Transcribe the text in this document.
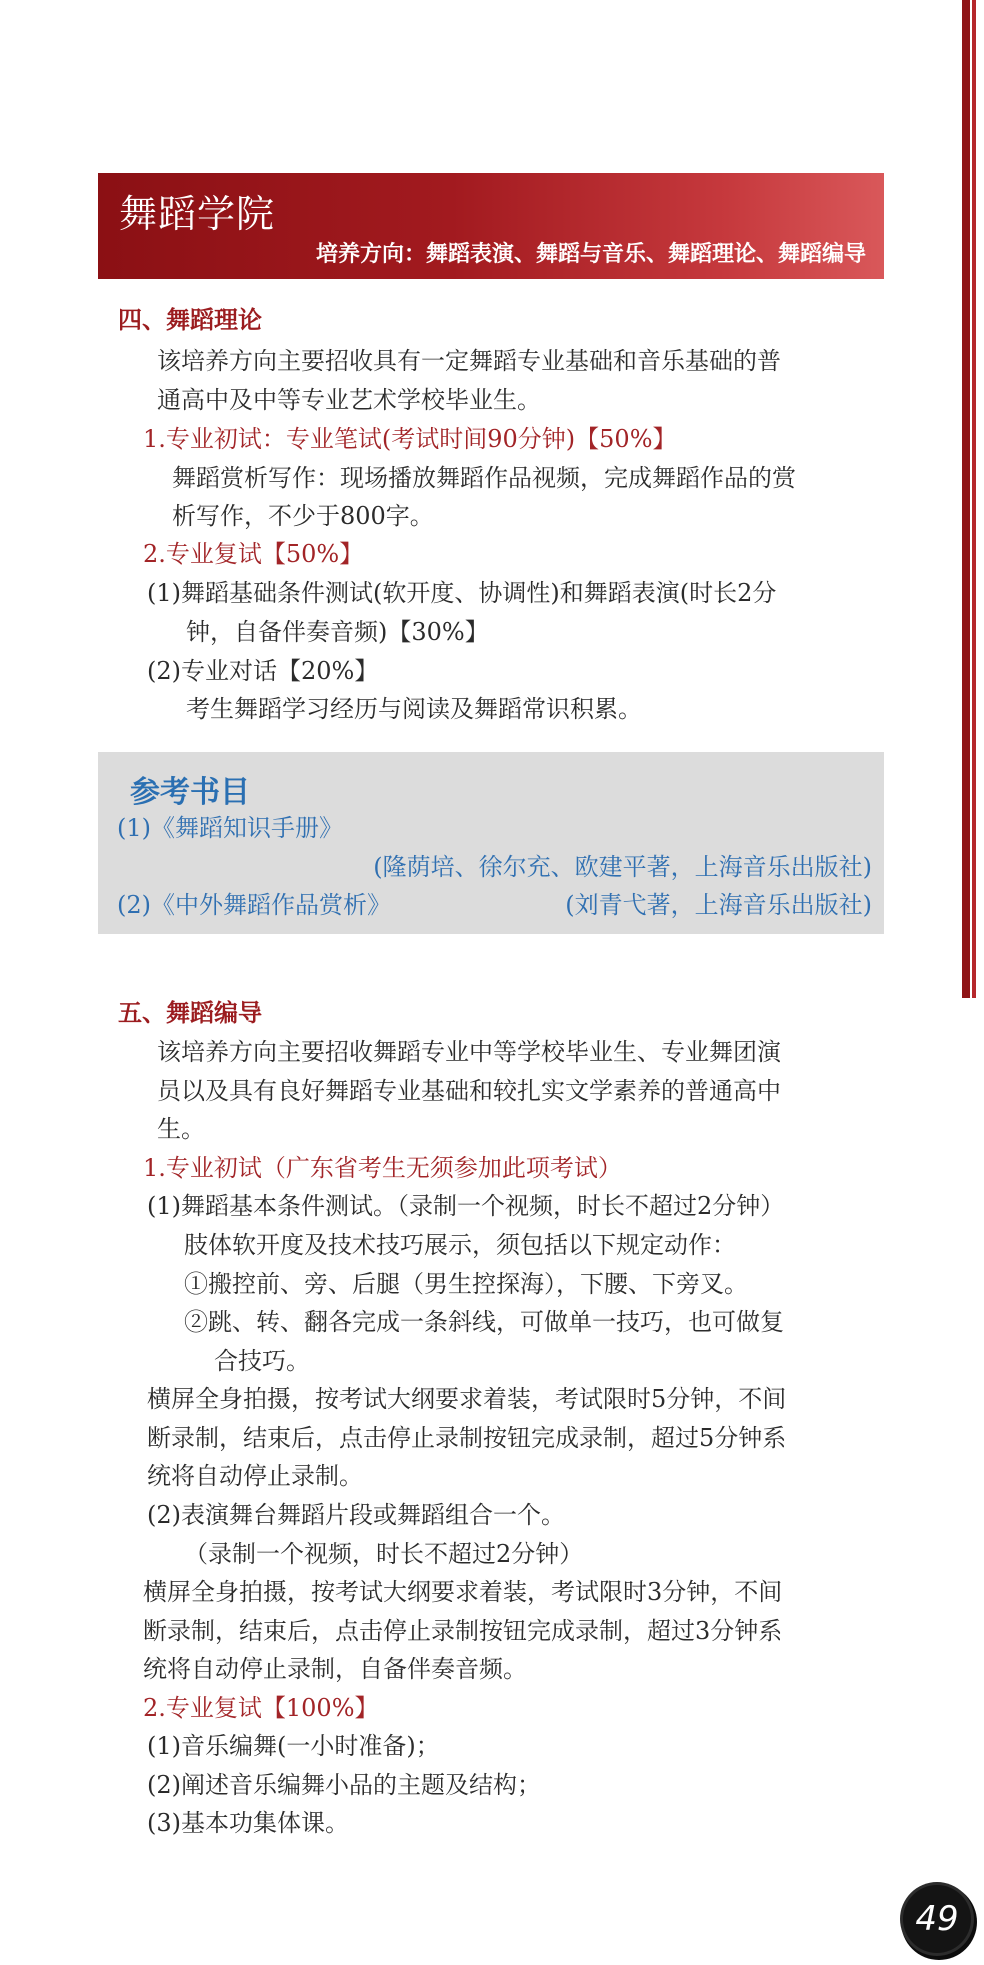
舞蹈学院
培养方向：舞蹈表演、舞蹈与音乐、舞蹈理论、舞蹈编导
四、舞蹈理论
该培养方向主要招收具有一定舞蹈专业基础和音乐基础的普
通高中及中等专业艺术学校毕业生。
1.专业初试：专业笔试(考试时间90分钟)【50%】
舞蹈赏析写作：现场播放舞蹈作品视频，完成舞蹈作品的赏
析写作，不少于800字。
2.专业复试【50%】
(1)舞蹈基础条件测试(软开度、协调性)和舞蹈表演(时长2分
钟，自备伴奏音频)【30%】
(2)专业对话【20%】
考生舞蹈学习经历与阅读及舞蹈常识积累。
参考书目
(1)《舞蹈知识手册》
(隆荫培、徐尔充、欧建平著，上海音乐出版社)
(2)《中外舞蹈作品赏析》	(刘青弋著，上海音乐出版社)
五、舞蹈编导
该培养方向主要招收舞蹈专业中等学校毕业生、专业舞团演
员以及具有良好舞蹈专业基础和较扎实文学素养的普通高中
生。
1.专业初试（广东省考生无须参加此项考试）
(1)舞蹈基本条件测试。（录制一个视频，时长不超过2分钟）
肢体软开度及技术技巧展示，须包括以下规定动作：
①搬控前、旁、后腿（男生控探海），下腰、下旁叉。
②跳、转、翻各完成一条斜线，可做单一技巧，也可做复
合技巧。
横屏全身拍摄，按考试大纲要求着装，考试限时5分钟，不间
断录制，结束后，点击停止录制按钮完成录制，超过5分钟系
统将自动停止录制。
(2)表演舞台舞蹈片段或舞蹈组合一个。
（录制一个视频，时长不超过2分钟）
横屏全身拍摄，按考试大纲要求着装，考试限时3分钟，不间
断录制，结束后，点击停止录制按钮完成录制，超过3分钟系
统将自动停止录制，自备伴奏音频。
2.专业复试【100%】
(1)音乐编舞(一小时准备)；
(2)阐述音乐编舞小品的主题及结构；
(3)基本功集体课。
49
